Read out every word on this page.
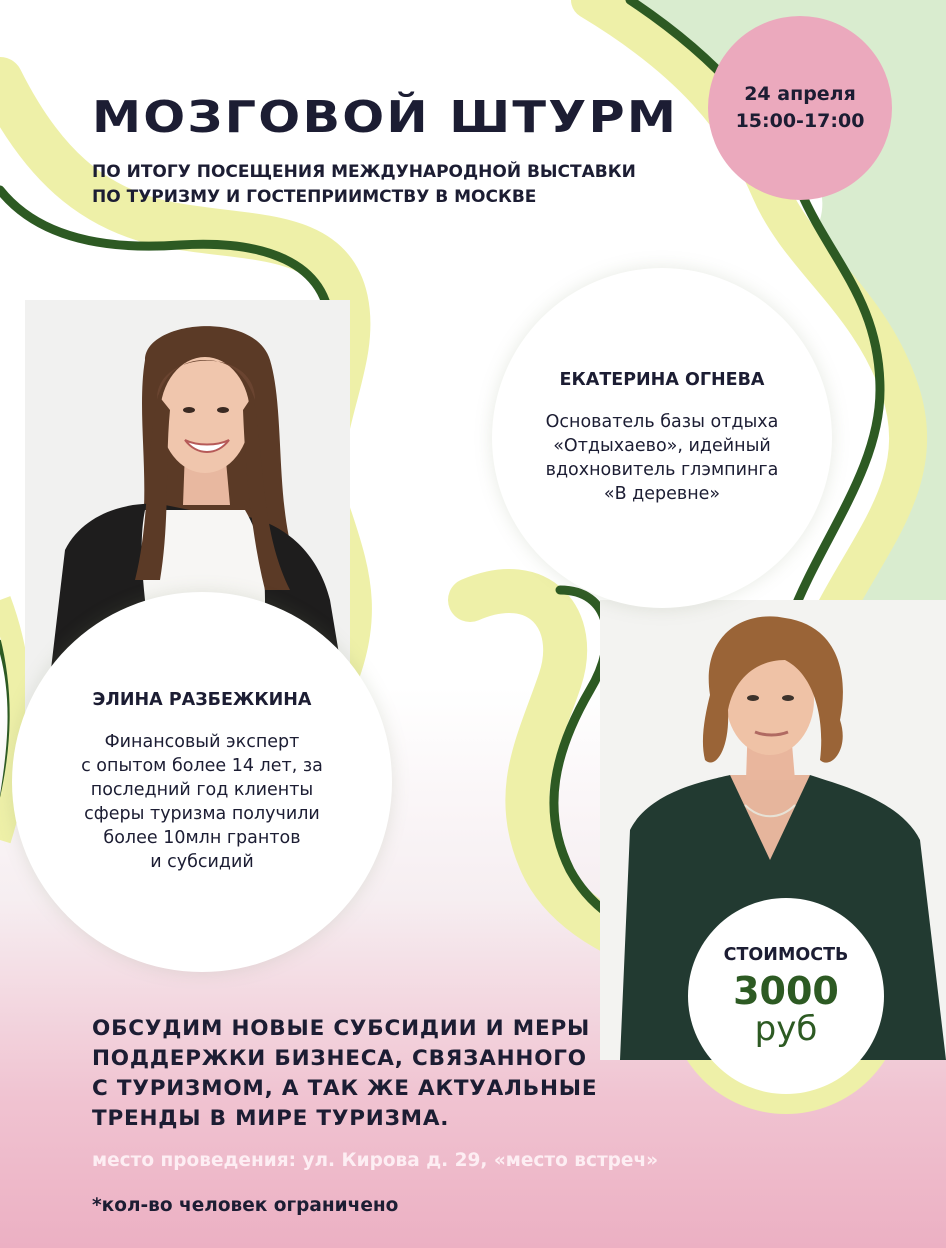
МОЗГОВОЙ ШТУРМ
ПО ИТОГУ ПОСЕЩЕНИЯ МЕЖДУНАРОДНОЙ ВЫСТАВКИ
ПО ТУРИЗМУ И ГОСТЕПРИИМСТВУ В МОСКВЕ
24 апреля
15:00-17:00

ЕКАТЕРИНА ОГНЕВА

Основатель базы отдыха
«Отдыхаево», идейный
вдохновитель глэмпинга
«В деревне»

ЭЛИНА РАЗБЕЖКИНА

Финансовый эксперт
с опытом более 14 лет, за
последний год клиенты
сферы туризма получили
более 10млн грантов
и субсидий

СТОИМОСТЬ
3000
руб
ОБСУДИМ НОВЫЕ СУБСИДИИ И МЕРЫ
ПОДДЕРЖКИ БИЗНЕСА, СВЯЗАННОГО
С ТУРИЗМОМ, А ТАК ЖЕ АКТУАЛЬНЫЕ
ТРЕНДЫ В МИРЕ ТУРИЗМА.

место проведения: ул. Кирова д. 29, «место встреч»

*кол-во человек ограничено
